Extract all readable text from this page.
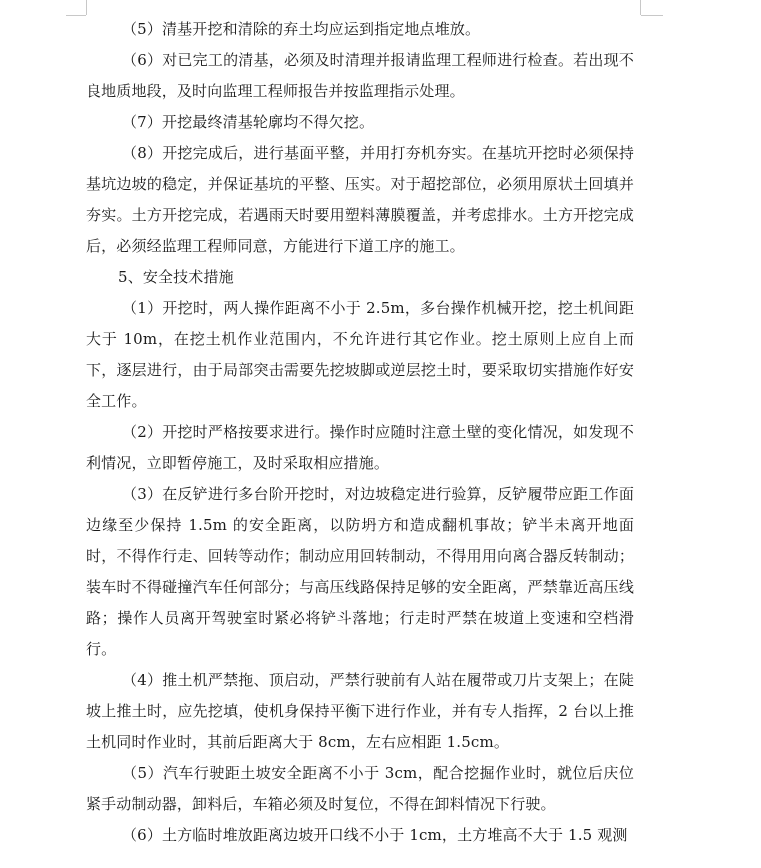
（5）清基开挖和清除的弃土均应运到指定地点堆放。

（6）对已完工的清基，必须及时清理并报请监理工程师进行检查。若出现不良地质地段，及时向监理工程师报告并按监理指示处理。

（7）开挖最终清基轮廓均不得欠挖。

（8）开挖完成后，进行基面平整，并用打夯机夯实。在基坑开挖时必须保持基坑边坡的稳定，并保证基坑的平整、压实。对于超挖部位，必须用原状土回填并夯实。土方开挖完成，若遇雨天时要用塑料薄膜覆盖，并考虑排水。土方开挖完成后，必须经监理工程师同意，方能进行下道工序的施工。

5、安全技术措施

（1）开挖时，两人操作距离不小于 2.5m，多台操作机械开挖，挖土机间距大于 10m，在挖土机作业范围内，不允许进行其它作业。挖土原则上应自上而下，逐层进行，由于局部突击需要先挖坡脚或逆层挖土时，要采取切实措施作好安全工作。

（2）开挖时严格按要求进行。操作时应随时注意土壁的变化情况，如发现不利情况，立即暂停施工，及时采取相应措施。

（3）在反铲进行多台阶开挖时，对边坡稳定进行验算，反铲履带应距工作面边缘至少保持 1.5m 的安全距离，以防坍方和造成翻机事故；铲半未离开地面时，不得作行走、回转等动作；制动应用回转制动，不得用用向离合器反转制动；装车时不得碰撞汽车任何部分；与高压线路保持足够的安全距离，严禁靠近高压线路；操作人员离开驾驶室时紧必将铲斗落地；行走时严禁在坡道上变速和空档滑行。

（4）推土机严禁拖、顶启动，严禁行驶前有人站在履带或刀片支架上；在陡坡上推土时，应先挖填，使机身保持平衡下进行作业，并有专人指挥，2 台以上推土机同时作业时，其前后距离大于 8cm，左右应相距 1.5cm。

（5）汽车行驶距土坡安全距离不小于 3cm，配合挖掘作业时，就位后庆位紧手动制动器，卸料后，车箱必须及时复位，不得在卸料情况下行驶。

（6）土方临时堆放距离边坡开口线不小于 1cm，土方堆高不大于 1.5 观测
